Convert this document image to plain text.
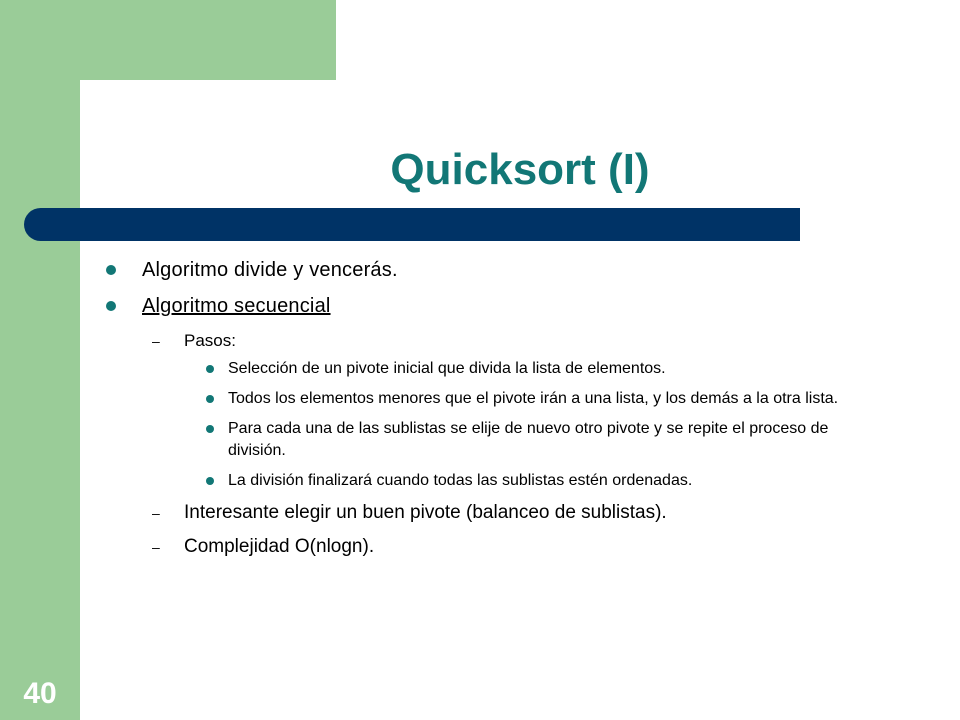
Quicksort (I)
Algoritmo divide y vencerás.
Algoritmo secuencial
– Pasos:
Selección de un pivote inicial que divida la lista de elementos.
Todos los elementos menores que el pivote irán a una lista, y los demás a la otra lista.
Para cada una de las sublistas se elije de nuevo otro pivote y se repite el proceso de división.
La división finalizará cuando todas las sublistas estén ordenadas.
– Interesante elegir un buen pivote (balanceo de sublistas).
– Complejidad O(nlogn).
40
